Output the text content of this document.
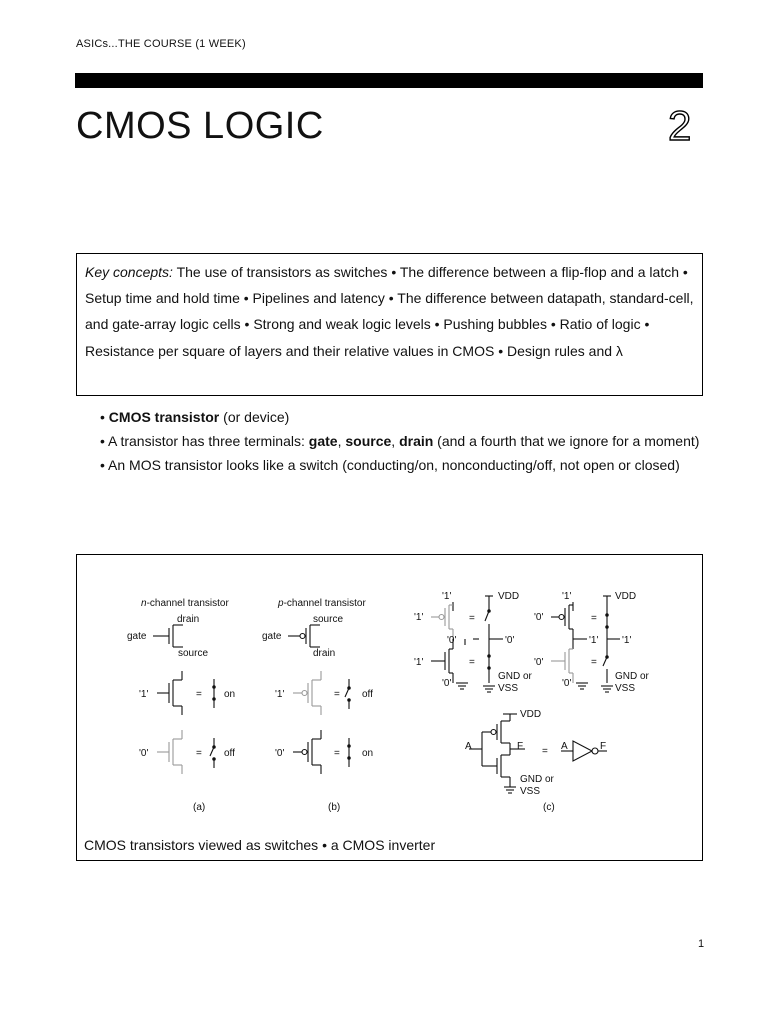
ASICs...THE COURSE (1 WEEK)
CMOS LOGIC	2

Key concepts: The use of transistors as switches • The difference between a flip-flop and a latch • Setup time and hold time • Pipelines and latency • The difference between datapath, standard-cell, and gate-array logic cells • Strong and weak logic levels • Pushing bubbles • Ratio of logic • Resistance per square of layers and their relative values in CMOS • Design rules and λ

• CMOS transistor (or device)

• A transistor has three terminals: gate, source, drain (and a fourth that we ignore for a moment)

• An MOS transistor looks like a switch (conducting/on, nonconducting/off, not open or closed)

n-channel transistor
drain
gate
source
'1'	= on
'0'	= off
(a)
p-channel transistor
source
gate
drain
'1'	= off
'0'	= on
(b)
'1'	VDD
'1'	=
'0'	'0'
'1'	=
'0'
GND or
VSS
'1'	VDD
'0'	=
'1' '1'
'0'	=
'0'
GND or
VSS
VDD
A	F
GND or
VSS
= A	F
(c)
CMOS transistors viewed as switches • a CMOS inverter
1
